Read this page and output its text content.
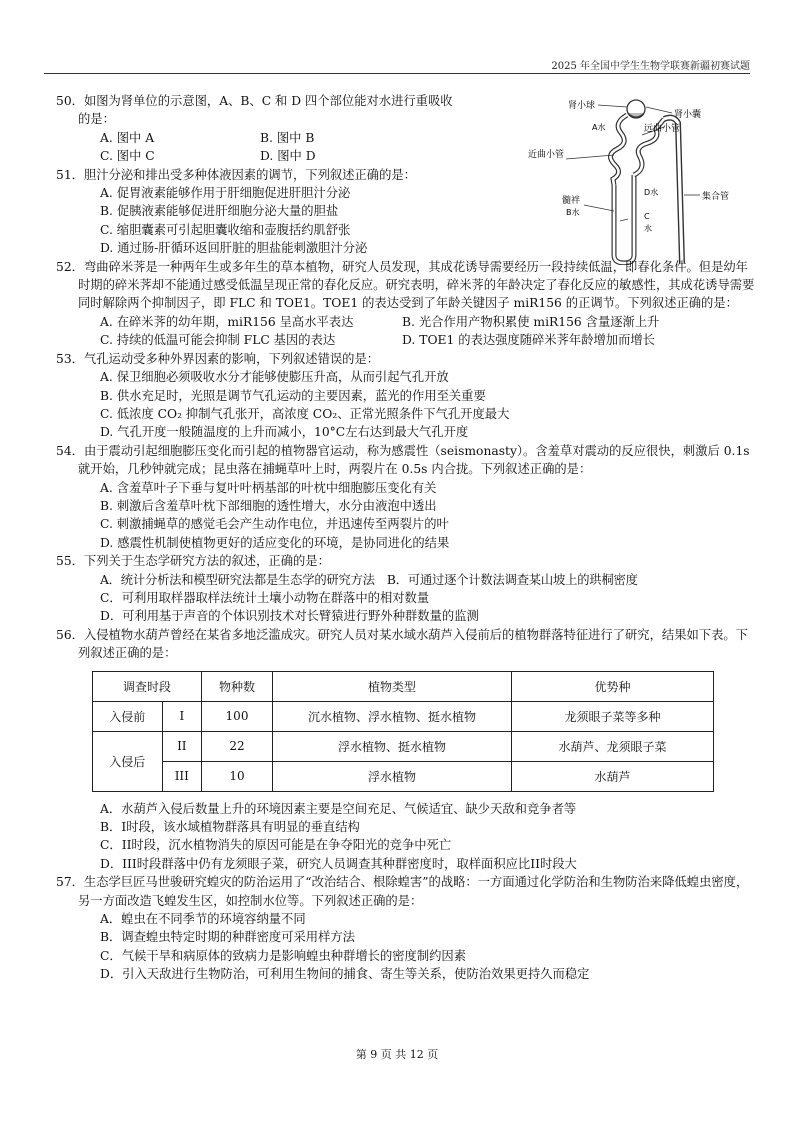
2025 年全国中学生生物学联赛新疆初赛试题
肾小球
肾小囊
A水	远曲小管
近曲小管
D水	集合管
髓袢
B水	C
水
50．如图为肾单位的示意图，A、B、C 和 D 四个部位能对水进行重吸收
的是：
A. 图中 A	B. 图中 B
C. 图中 C	D. 图中 D
51．胆汁分泌和排出受多种体液因素的调节，下列叙述正确的是：
A. 促胃液素能够作用于肝细胞促进肝胆汁分泌
B. 促胰液素能够促进肝细胞分泌大量的胆盐
C. 缩胆囊素可引起胆囊收缩和壶腹括约肌舒张
D. 通过肠-肝循环返回肝脏的胆盐能刺激胆汁分泌
52．弯曲碎米荠是一种两年生或多年生的草本植物，研究人员发现，其成花诱导需要经历一段持续低温，即春化条件。但是幼年时期的碎米荠却不能通过感受低温呈现正常的春化反应。研究表明，碎米荠的年龄决定了春化反应的敏感性，其成花诱导需要同时解除两个抑制因子，即 FLC 和 TOE1。TOE1 的表达受到了年龄关键因子 miR156 的正调节。下列叙述正确的是：
A. 在碎米荠的幼年期，miR156 呈高水平表达	B. 光合作用产物积累使 miR156 含量逐渐上升
C. 持续的低温可能会抑制 FLC 基因的表达	D. TOE1 的表达强度随碎米荠年龄增加而增长
53．气孔运动受多种外界因素的影响，下列叙述错误的是：
A. 保卫细胞必须吸收水分才能够使膨压升高，从而引起气孔开放
B. 供水充足时，光照是调节气孔运动的主要因素，蓝光的作用至关重要
C. 低浓度 CO₂ 抑制气孔张开，高浓度 CO₂、正常光照条件下气孔开度最大
D. 气孔开度一般随温度的上升而减小，10°C左右达到最大气孔开度
54．由于震动引起细胞膨压变化而引起的植物器官运动，称为感震性（seismonasty）。含羞草对震动的反应很快，刺激后 0.1s 就开始，几秒钟就完成；昆虫落在捕蝇草叶上时，两裂片在 0.5s 内合拢。下列叙述正确的是：
A. 含羞草叶子下垂与复叶叶柄基部的叶枕中细胞膨压变化有关
B. 刺激后含羞草叶枕下部细胞的透性增大，水分由液泡中透出
C. 刺激捕蝇草的感觉毛会产生动作电位，并迅速传至两裂片的叶
D. 感震性机制使植物更好的适应变化的环境，是协同进化的结果
55．下列关于生态学研究方法的叙述，正确的是：
A．统计分析法和模型研究法都是生态学的研究方法　B．可通过逐个计数法调查某山坡上的珙桐密度
C．可利用取样器取样法统计土壤小动物在群落中的相对数量
D．可利用基于声音的个体识别技术对长臂猿进行野外种群数量的监测
56．入侵植物水葫芦曾经在某省多地泛滥成灾。研究人员对某水域水葫芦入侵前后的植物群落特征进行了研究，结果如下表。下列叙述正确的是：
调查时段		物种数	植物类型	优势种
入侵前	I	100	沉水植物、浮水植物、挺水植物	龙须眼子菜等多种
入侵后	II	22	浮水植物、挺水植物	水葫芦、龙须眼子菜
	III	10	浮水植物	水葫芦
A．水葫芦入侵后数量上升的环境因素主要是空间充足、气候适宜、缺少天敌和竞争者等
B．I时段，该水域植物群落具有明显的垂直结构
C．II时段，沉水植物消失的原因可能是在争夺阳光的竞争中死亡
D．III时段群落中仍有龙须眼子菜，研究人员调查其种群密度时，取样面积应比II时段大
57．生态学巨匠马世骏研究蝗灾的防治运用了“改治结合、根除蝗害”的战略：一方面通过化学防治和生物防治来降低蝗虫密度，另一方面改造飞蝗发生区，如控制水位等。下列叙述正确的是：
A．蝗虫在不同季节的环境容纳量不同
B．调查蝗虫特定时期的种群密度可采用样方法
C．气候干旱和病原体的致病力是影响蝗虫种群增长的密度制约因素
D．引入天敌进行生物防治，可利用生物间的捕食、寄生等关系，使防治效果更持久而稳定
第 9 页 共 12 页
